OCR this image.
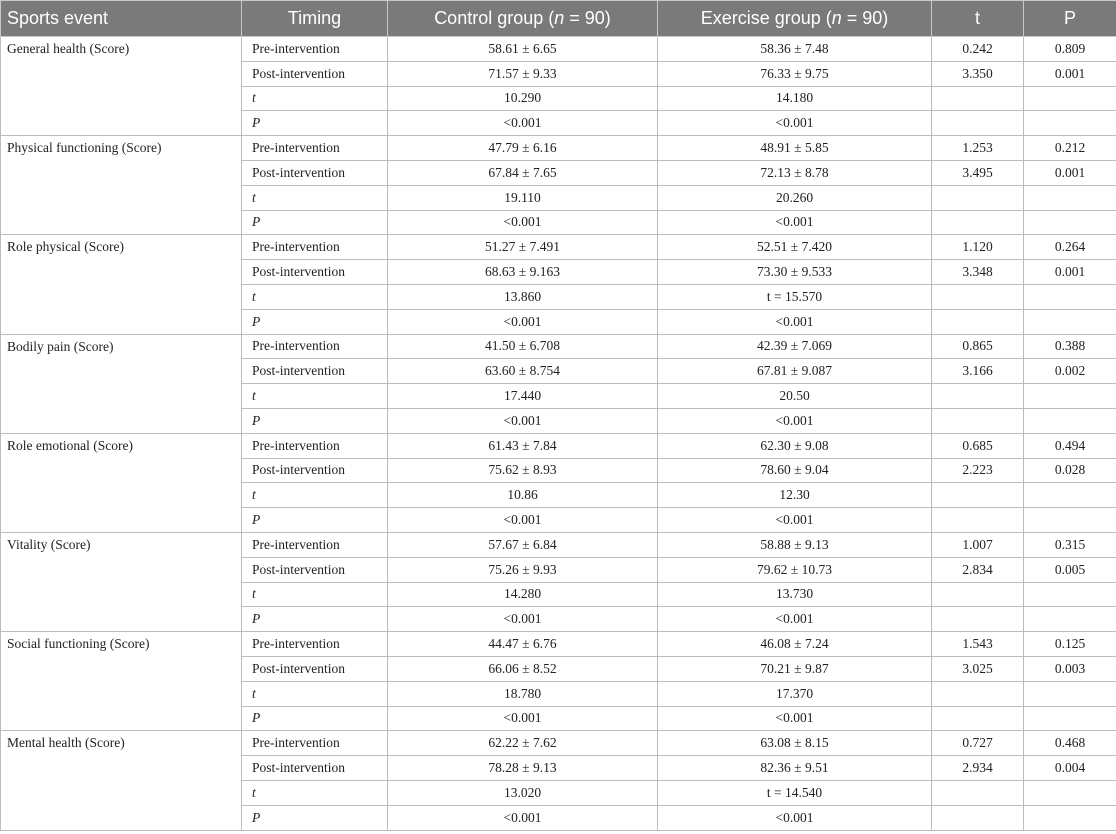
Sports event	Timing	Control group (n = 90)	Exercise group (n = 90)	t	P
General health (Score)	Pre-intervention	58.61 ± 6.65	58.36 ± 7.48	0.242	0.809
	Post-intervention	71.57 ± 9.33	76.33 ± 9.75	3.350	0.001
	t	10.290	14.180		
	P	<0.001	<0.001		
Physical functioning (Score)	Pre-intervention	47.79 ± 6.16	48.91 ± 5.85	1.253	0.212
	Post-intervention	67.84 ± 7.65	72.13 ± 8.78	3.495	0.001
	t	19.110	20.260		
	P	<0.001	<0.001		
Role physical (Score)	Pre-intervention	51.27 ± 7.491	52.51 ± 7.420	1.120	0.264
	Post-intervention	68.63 ± 9.163	73.30 ± 9.533	3.348	0.001
	t	13.860	t = 15.570		
	P	<0.001	<0.001		
Bodily pain (Score)	Pre-intervention	41.50 ± 6.708	42.39 ± 7.069	0.865	0.388
	Post-intervention	63.60 ± 8.754	67.81 ± 9.087	3.166	0.002
	t	17.440	20.50		
	P	<0.001	<0.001		
Role emotional (Score)	Pre-intervention	61.43 ± 7.84	62.30 ± 9.08	0.685	0.494
	Post-intervention	75.62 ± 8.93	78.60 ± 9.04	2.223	0.028
	t	10.86	12.30		
	P	<0.001	<0.001		
Vitality (Score)	Pre-intervention	57.67 ± 6.84	58.88 ± 9.13	1.007	0.315
	Post-intervention	75.26 ± 9.93	79.62 ± 10.73	2.834	0.005
	t	14.280	13.730		
	P	<0.001	<0.001		
Social functioning (Score)	Pre-intervention	44.47 ± 6.76	46.08 ± 7.24	1.543	0.125
	Post-intervention	66.06 ± 8.52	70.21 ± 9.87	3.025	0.003
	t	18.780	17.370		
	P	<0.001	<0.001		
Mental health (Score)	Pre-intervention	62.22 ± 7.62	63.08 ± 8.15	0.727	0.468
	Post-intervention	78.28 ± 9.13	82.36 ± 9.51	2.934	0.004
	t	13.020	t = 14.540		
	P	<0.001	<0.001		
